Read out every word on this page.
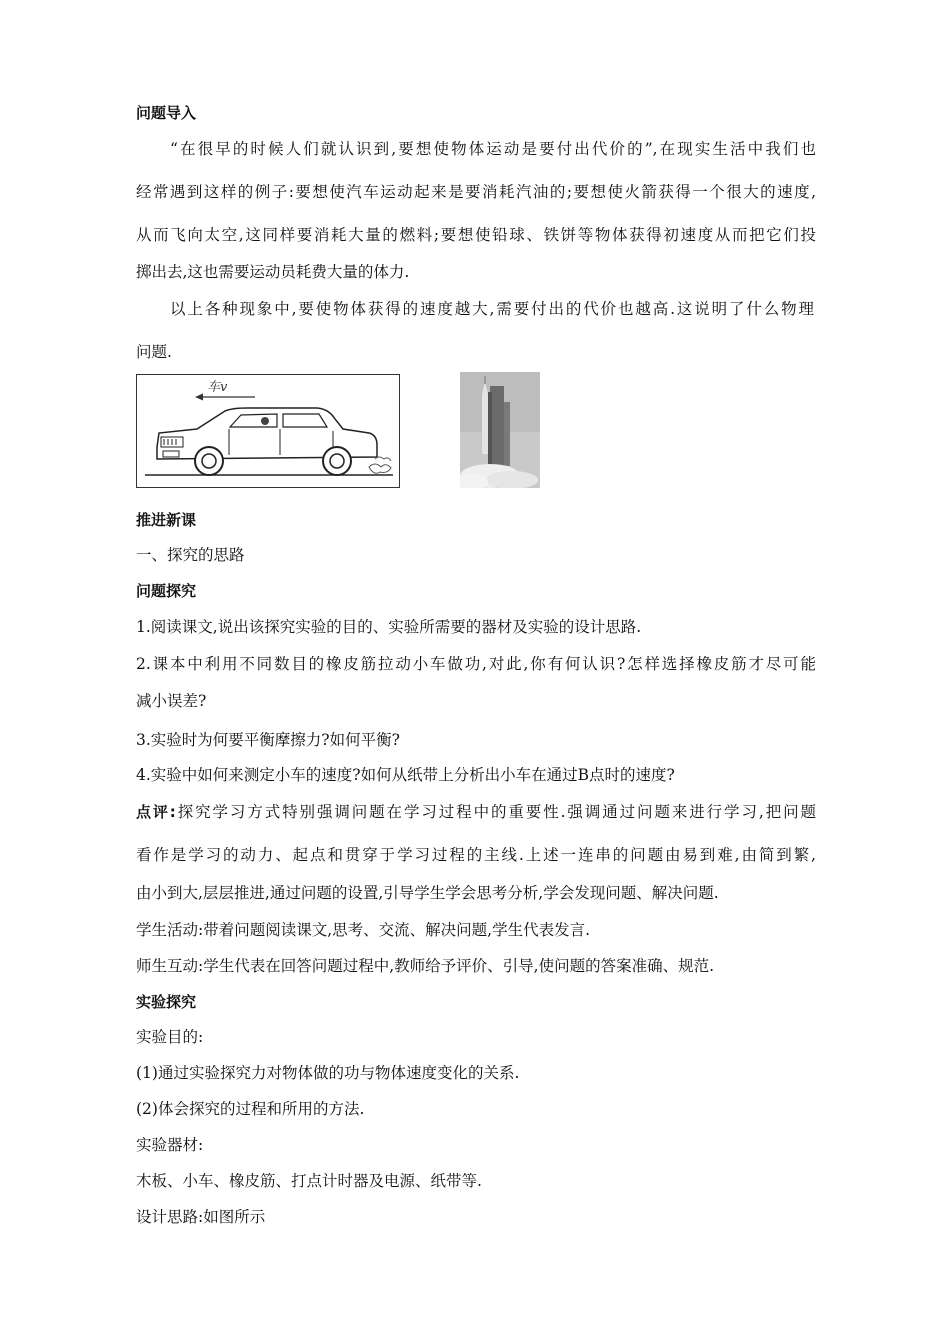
问题导入
“在很早的时候人们就认识到,要想使物体运动是要付出代价的”,在现实生活中我们也
经常遇到这样的例子:要想使汽车运动起来是要消耗汽油的;要想使火箭获得一个很大的速度,
从而飞向太空,这同样要消耗大量的燃料;要想使铅球、铁饼等物体获得初速度从而把它们投
掷出去,这也需要运动员耗费大量的体力.
以上各种现象中,要使物体获得的速度越大,需要付出的代价也越高.这说明了什么物理
问题.
车v
推进新课
一、探究的思路
问题探究
1.阅读课文,说出该探究实验的目的、实验所需要的器材及实验的设计思路.
2.课本中利用不同数目的橡皮筋拉动小车做功,对此,你有何认识?怎样选择橡皮筋才尽可能
减小误差?
3.实验时为何要平衡摩擦力?如何平衡?
4.实验中如何来测定小车的速度?如何从纸带上分析出小车在通过B点时的速度?
点评:探究学习方式特别强调问题在学习过程中的重要性.强调通过问题来进行学习,把问题
看作是学习的动力、起点和贯穿于学习过程的主线.上述一连串的问题由易到难,由简到繁,
由小到大,层层推进,通过问题的设置,引导学生学会思考分析,学会发现问题、解决问题.
学生活动:带着问题阅读课文,思考、交流、解决问题,学生代表发言.
师生互动:学生代表在回答问题过程中,教师给予评价、引导,使问题的答案准确、规范.
实验探究
实验目的:
(1)通过实验探究力对物体做的功与物体速度变化的关系.
(2)体会探究的过程和所用的方法.
实验器材:
木板、小车、橡皮筋、打点计时器及电源、纸带等.
设计思路:如图所示
